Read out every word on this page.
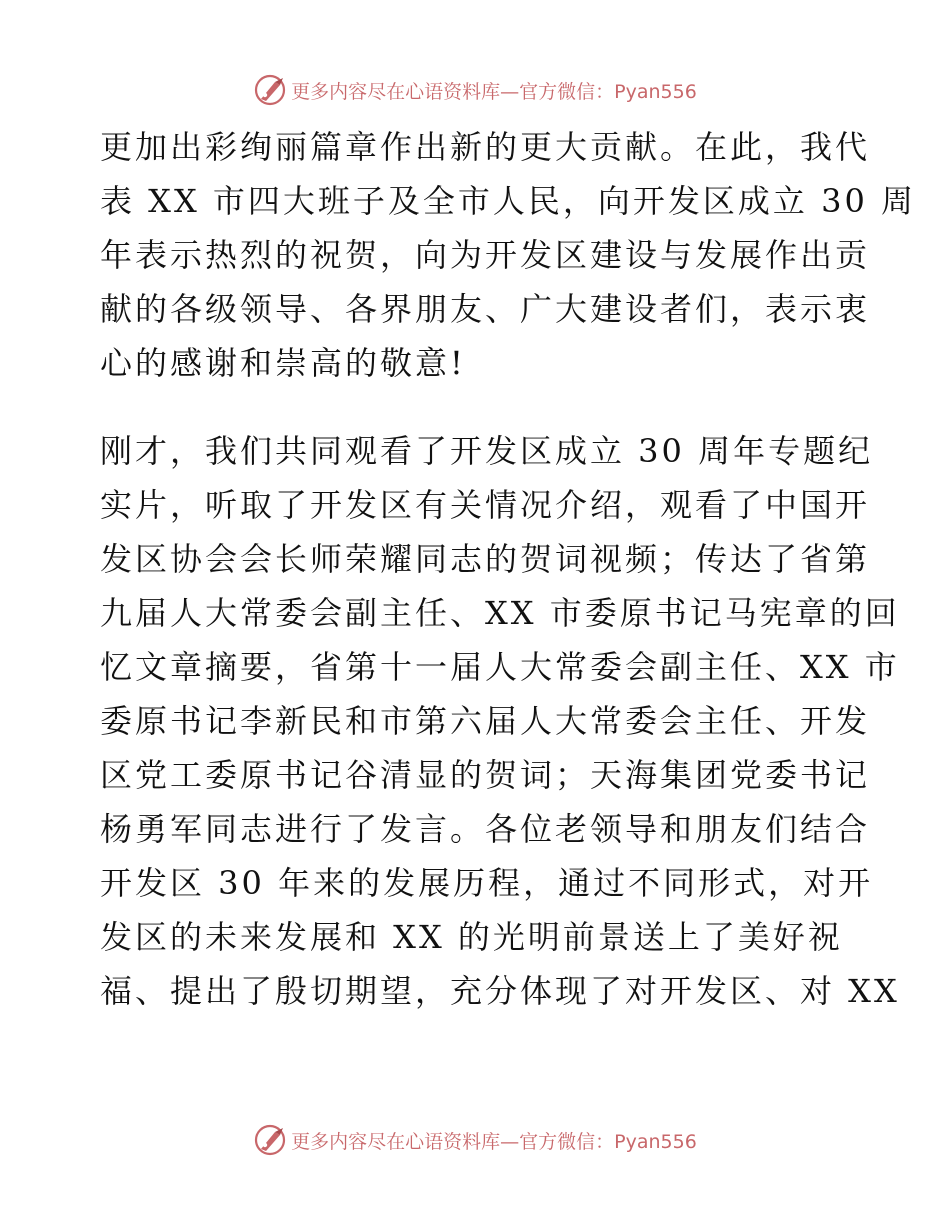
更多内容尽在心语资料库—官方微信：Pyan556
更加出彩绚丽篇章作出新的更大贡献。在此，我代
表 XX 市四大班子及全市人民，向开发区成立 30 周
年表示热烈的祝贺，向为开发区建设与发展作出贡
献的各级领导、各界朋友、广大建设者们，表示衷
心的感谢和崇高的敬意!
刚才，我们共同观看了开发区成立 30 周年专题纪
实片，听取了开发区有关情况介绍，观看了中国开
发区协会会长师荣耀同志的贺词视频；传达了省第
九届人大常委会副主任、XX 市委原书记马宪章的回
忆文章摘要，省第十一届人大常委会副主任、XX 市
委原书记李新民和市第六届人大常委会主任、开发
区党工委原书记谷清显的贺词；天海集团党委书记
杨勇军同志进行了发言。各位老领导和朋友们结合
开发区 30 年来的发展历程，通过不同形式，对开
发区的未来发展和 XX 的光明前景送上了美好祝
福、提出了殷切期望，充分体现了对开发区、对 XX
更多内容尽在心语资料库—官方微信：Pyan556
